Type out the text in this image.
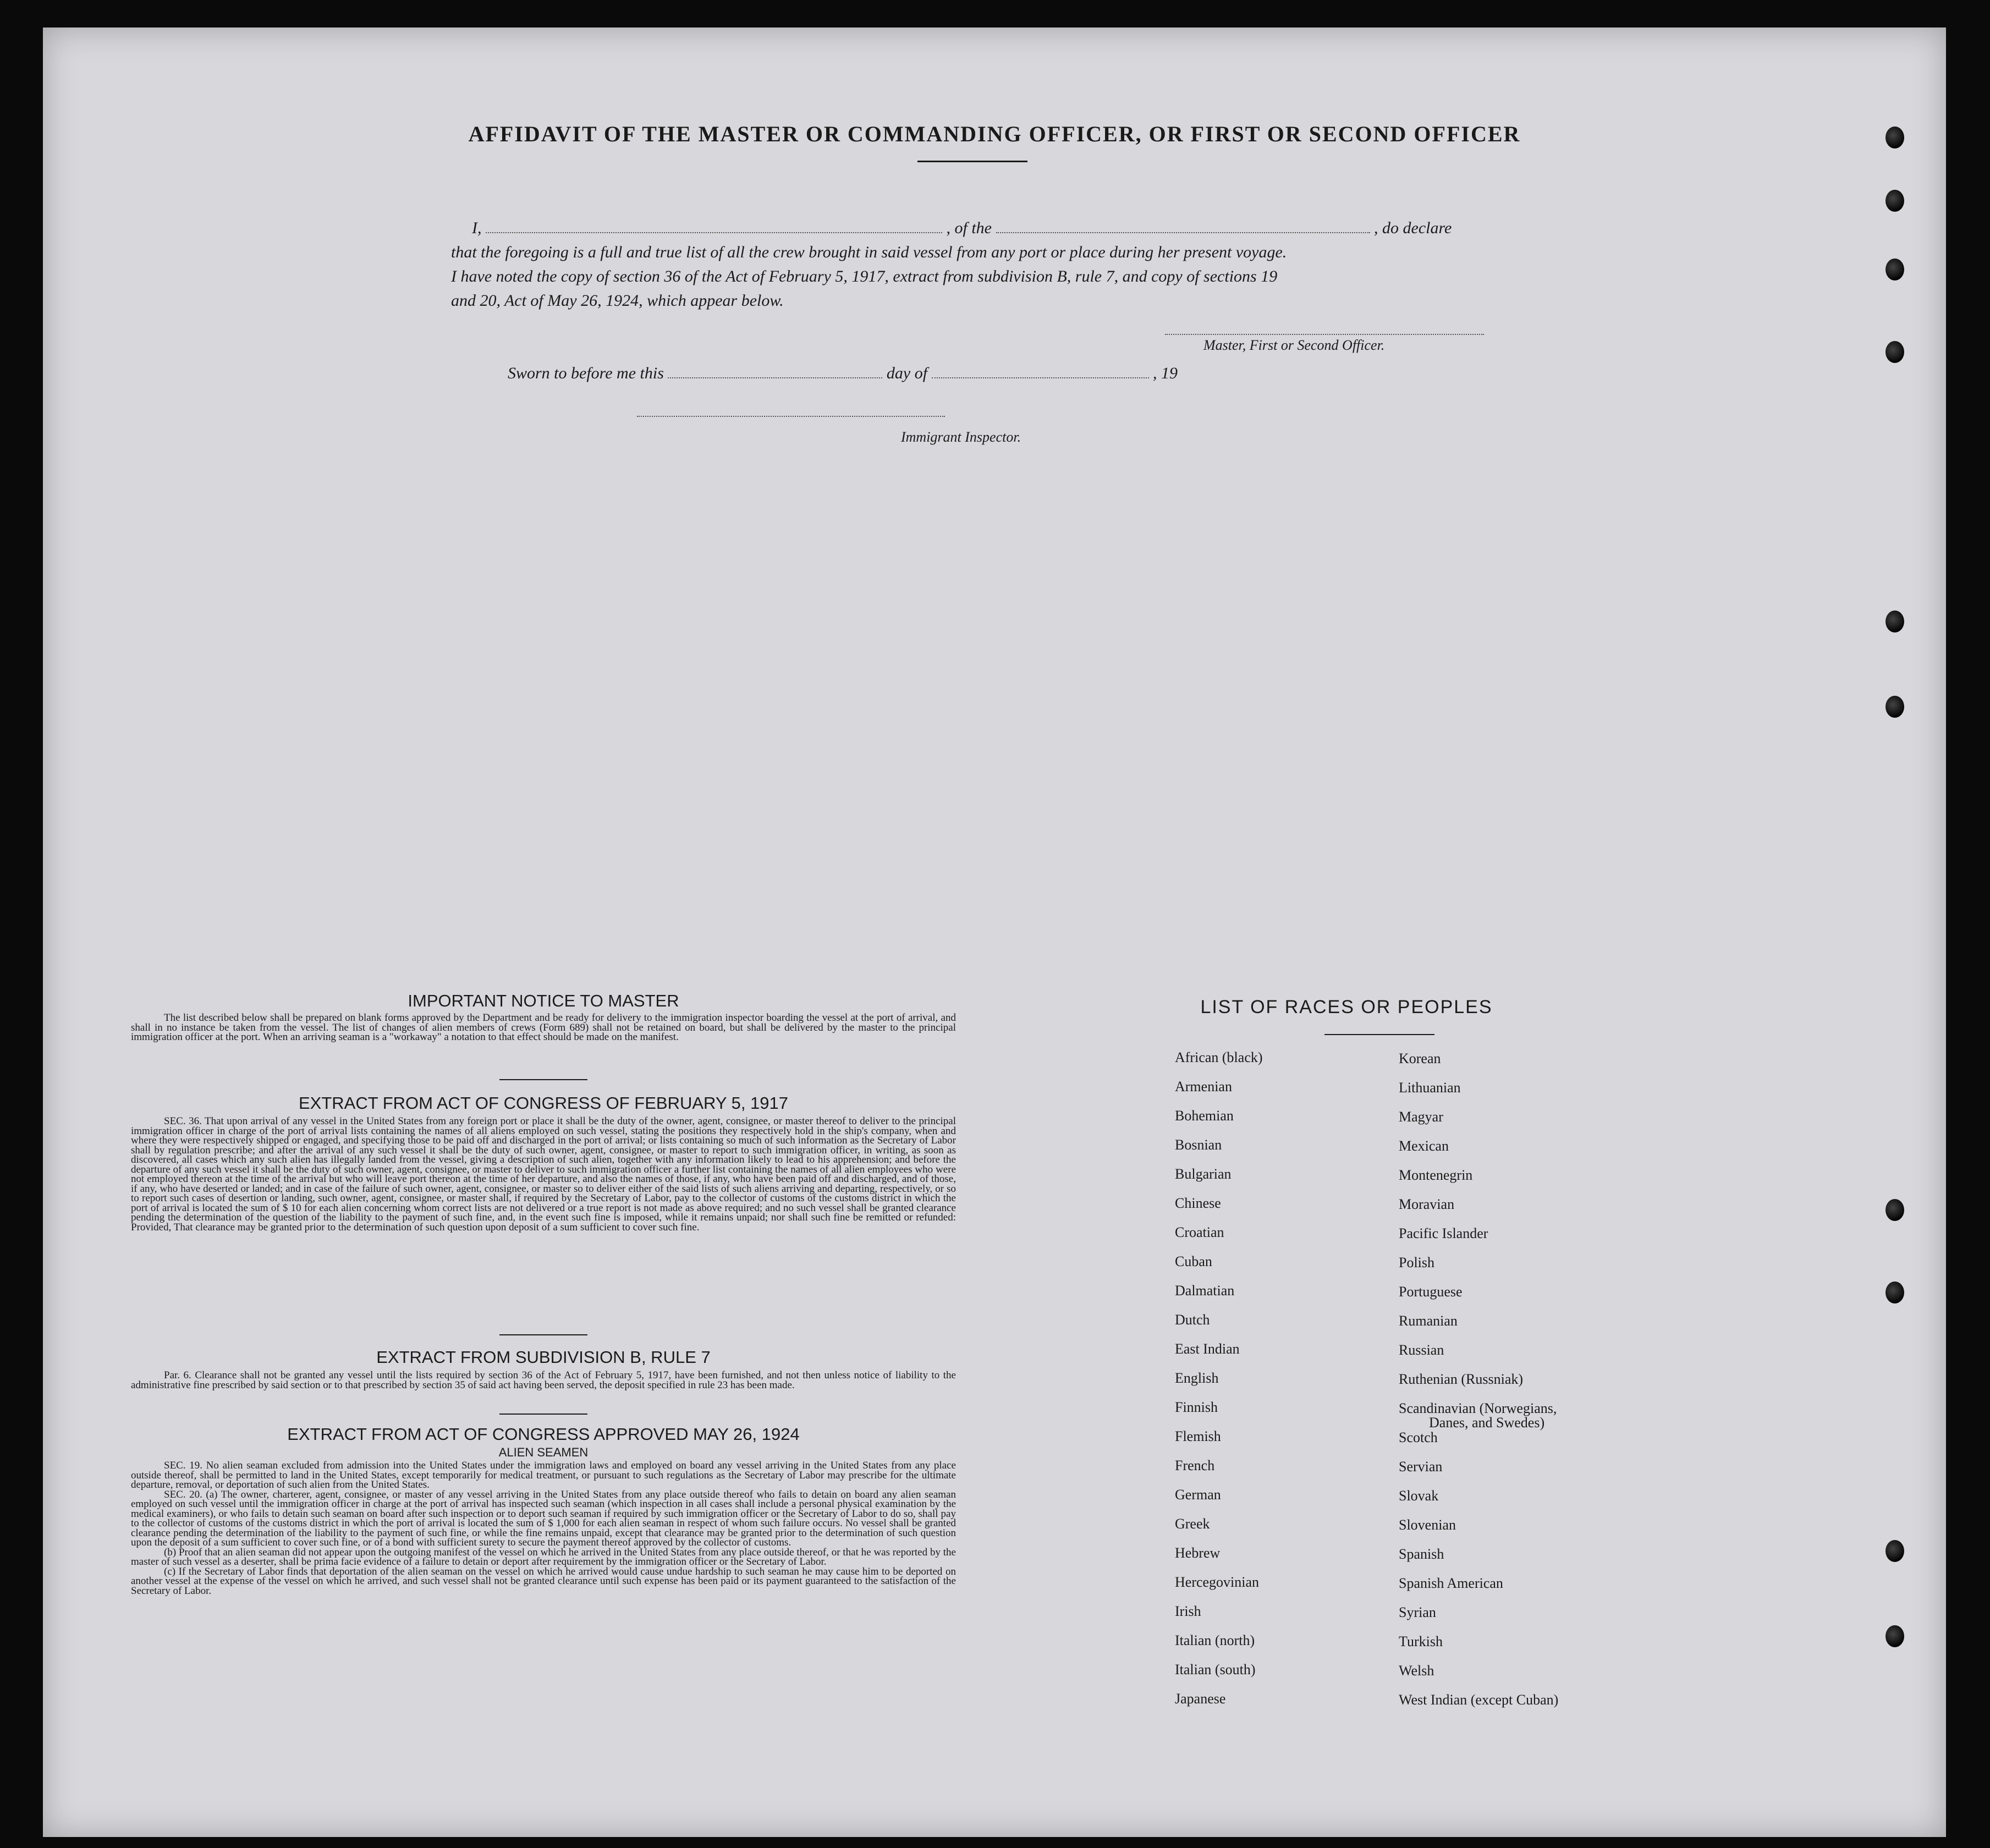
AFFIDAVIT OF THE MASTER OR COMMANDING OFFICER, OR FIRST OR SECOND OFFICER
I,	, of the	, do declare
that the foregoing is a full and true list of all the crew brought in said vessel from any port or place during her present voyage.
I have noted the copy of section 36 of the Act of February 5, 1917, extract from subdivision B, rule 7, and copy of sections 19
and 20, Act of May 26, 1924, which appear below.
Master, First or Second Officer.
Sworn to before me this	day of	, 19
Immigrant Inspector.
IMPORTANT NOTICE TO MASTER

The list described below shall be prepared on blank forms approved by the Department and be ready for delivery to the immigration inspector boarding the vessel at the port of arrival, and shall in no instance be taken from the vessel. The list of changes of alien members of crews (Form 689) shall not be retained on board, but shall be delivered by the master to the principal immigration officer at the port. When an arriving seaman is a "workaway" a notation to that effect should be made on the manifest.

EXTRACT FROM ACT OF CONGRESS OF FEBRUARY 5, 1917

SEC. 36. That upon arrival of any vessel in the United States from any foreign port or place it shall be the duty of the owner, agent, consignee, or master thereof to deliver to the principal immigration officer in charge of the port of arrival lists containing the names of all aliens employed on such vessel, stating the positions they respectively hold in the ship's company, when and where they were respectively shipped or engaged, and specifying those to be paid off and discharged in the port of arrival; or lists containing so much of such information as the Secretary of Labor shall by regulation prescribe; and after the arrival of any such vessel it shall be the duty of such owner, agent, consignee, or master to report to such immigration officer, in writing, as soon as discovered, all cases which any such alien has illegally landed from the vessel, giving a description of such alien, together with any information likely to lead to his apprehension; and before the departure of any such vessel it shall be the duty of such owner, agent, consignee, or master to deliver to such immigration officer a further list containing the names of all alien employees who were not employed thereon at the time of the arrival but who will leave port thereon at the time of her departure, and also the names of those, if any, who have been paid off and discharged, and of those, if any, who have deserted or landed; and in case of the failure of such owner, agent, consignee, or master so to deliver either of the said lists of such aliens arriving and departing, respectively, or so to report such cases of desertion or landing, such owner, agent, consignee, or master shall, if required by the Secretary of Labor, pay to the collector of customs of the customs district in which the port of arrival is located the sum of $ 10 for each alien concerning whom correct lists are not delivered or a true report is not made as above required; and no such vessel shall be granted clearance pending the determination of the question of the liability to the payment of such fine, and, in the event such fine is imposed, while it remains unpaid; nor shall such fine be remitted or refunded: Provided, That clearance may be granted prior to the determination of such question upon deposit of a sum sufficient to cover such fine.

EXTRACT FROM SUBDIVISION B, RULE 7

Par. 6. Clearance shall not be granted any vessel until the lists required by section 36 of the Act of February 5, 1917, have been furnished, and not then unless notice of liability to the administrative fine prescribed by said section or to that prescribed by section 35 of said act having been served, the deposit specified in rule 23 has been made.

EXTRACT FROM ACT OF CONGRESS APPROVED MAY 26, 1924
ALIEN SEAMEN

SEC. 19. No alien seaman excluded from admission into the United States under the immigration laws and employed on board any vessel arriving in the United States from any place outside thereof, shall be permitted to land in the United States, except temporarily for medical treatment, or pursuant to such regulations as the Secretary of Labor may prescribe for the ultimate departure, removal, or deportation of such alien from the United States.

SEC. 20. (a) The owner, charterer, agent, consignee, or master of any vessel arriving in the United States from any place outside thereof who fails to detain on board any alien seaman employed on such vessel until the immigration officer in charge at the port of arrival has inspected such seaman (which inspection in all cases shall include a personal physical examination by the medical examiners), or who fails to detain such seaman on board after such inspection or to deport such seaman if required by such immigration officer or the Secretary of Labor to do so, shall pay to the collector of customs of the customs district in which the port of arrival is located the sum of $ 1,000 for each alien seaman in respect of whom such failure occurs. No vessel shall be granted clearance pending the determination of the liability to the payment of such fine, or while the fine remains unpaid, except that clearance may be granted prior to the determination of such question upon the deposit of a sum sufficient to cover such fine, or of a bond with sufficient surety to secure the payment thereof approved by the collector of customs.

(b) Proof that an alien seaman did not appear upon the outgoing manifest of the vessel on which he arrived in the United States from any place outside thereof, or that he was reported by the master of such vessel as a deserter, shall be prima facie evidence of a failure to detain or deport after requirement by the immigration officer or the Secretary of Labor.

(c) If the Secretary of Labor finds that deportation of the alien seaman on the vessel on which he arrived would cause undue hardship to such seaman he may cause him to be deported on another vessel at the expense of the vessel on which he arrived, and such vessel shall not be granted clearance until such expense has been paid or its payment guaranteed to the satisfaction of the Secretary of Labor.

LIST OF RACES OR PEOPLES
African (black)
Armenian
Bohemian
Bosnian
Bulgarian
Chinese
Croatian
Cuban
Dalmatian
Dutch
East Indian
English
Finnish
Flemish
French
German
Greek
Hebrew
Hercegovinian
Irish
Italian (north)
Italian (south)
Japanese
Korean
Lithuanian
Magyar
Mexican
Montenegrin
Moravian
Pacific Islander
Polish
Portuguese
Rumanian
Russian
Ruthenian (Russniak)
Scandinavian (Norwegians,
Danes, and Swedes)
Scotch
Servian
Slovak
Slovenian
Spanish
Spanish American
Syrian
Turkish
Welsh
West Indian (except Cuban)
